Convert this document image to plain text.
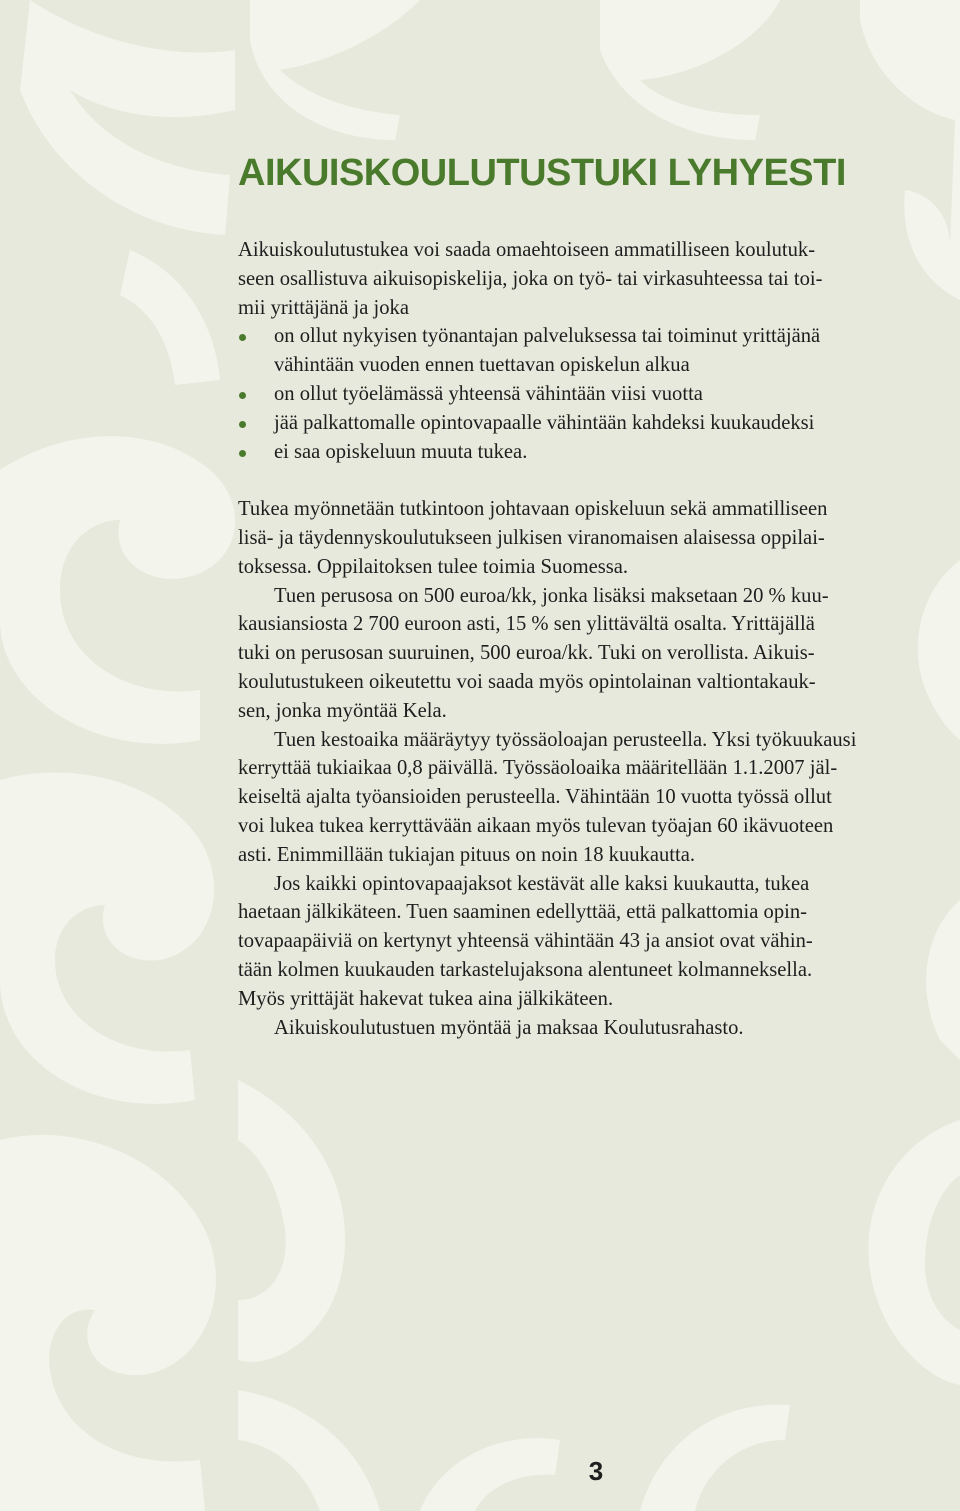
AIKUISKOULUTUSTUKI LYHYESTI
Aikuiskoulutustukea voi saada omaehtoiseen ammatilliseen koulutuk-
seen osallistuva aikuisopiskelija, joka on työ- tai virkasuhteessa tai toi-
mii yrittäjänä ja joka
on ollut nykyisen työnantajan palveluksessa tai toiminut yrittäjänä
vähintään vuoden ennen tuettavan opiskelun alkua
on ollut työelämässä yhteensä vähintään viisi vuotta
jää palkattomalle opintovapaalle vähintään kahdeksi kuukaudeksi
ei saa opiskeluun muuta tukea.
Tukea myönnetään tutkintoon johtavaan opiskeluun sekä ammatilliseen
lisä- ja täydennyskoulutukseen julkisen viranomaisen alaisessa oppilai-
toksessa. Oppilaitoksen tulee toimia Suomessa.
Tuen perusosa on 500 euroa/kk, jonka lisäksi maksetaan 20 % kuu-
kausiansiosta 2 700 euroon asti, 15 % sen ylittävältä osalta. Yrittäjällä
tuki on perusosan suuruinen, 500 euroa/kk. Tuki on verollista. Aikuis-
koulutustukeen oikeutettu voi saada myös opintolainan valtiontakauk-
sen, jonka myöntää Kela.
Tuen kestoaika määräytyy työssäoloajan perusteella. Yksi työkuukausi
kerryttää tukiaikaa 0,8 päivällä. Työssäoloaika määritellään 1.1.2007 jäl-
keiseltä ajalta työansioiden perusteella. Vähintään 10 vuotta työssä ollut
voi lukea tukea kerryttävään aikaan myös tulevan työajan 60 ikävuoteen
asti. Enimmillään tukiajan pituus on noin 18 kuukautta.
Jos kaikki opintovapaajaksot kestävät alle kaksi kuukautta, tukea
haetaan jälkikäteen. Tuen saaminen edellyttää, että palkattomia opin-
tovapaapäiviä on kertynyt yhteensä vähintään 43 ja ansiot ovat vähin-
tään kolmen kuukauden tarkastelujaksona alentuneet kolmanneksella.
Myös yrittäjät hakevat tukea aina jälkikäteen.
Aikuiskoulutustuen myöntää ja maksaa Koulutusrahasto.
3
